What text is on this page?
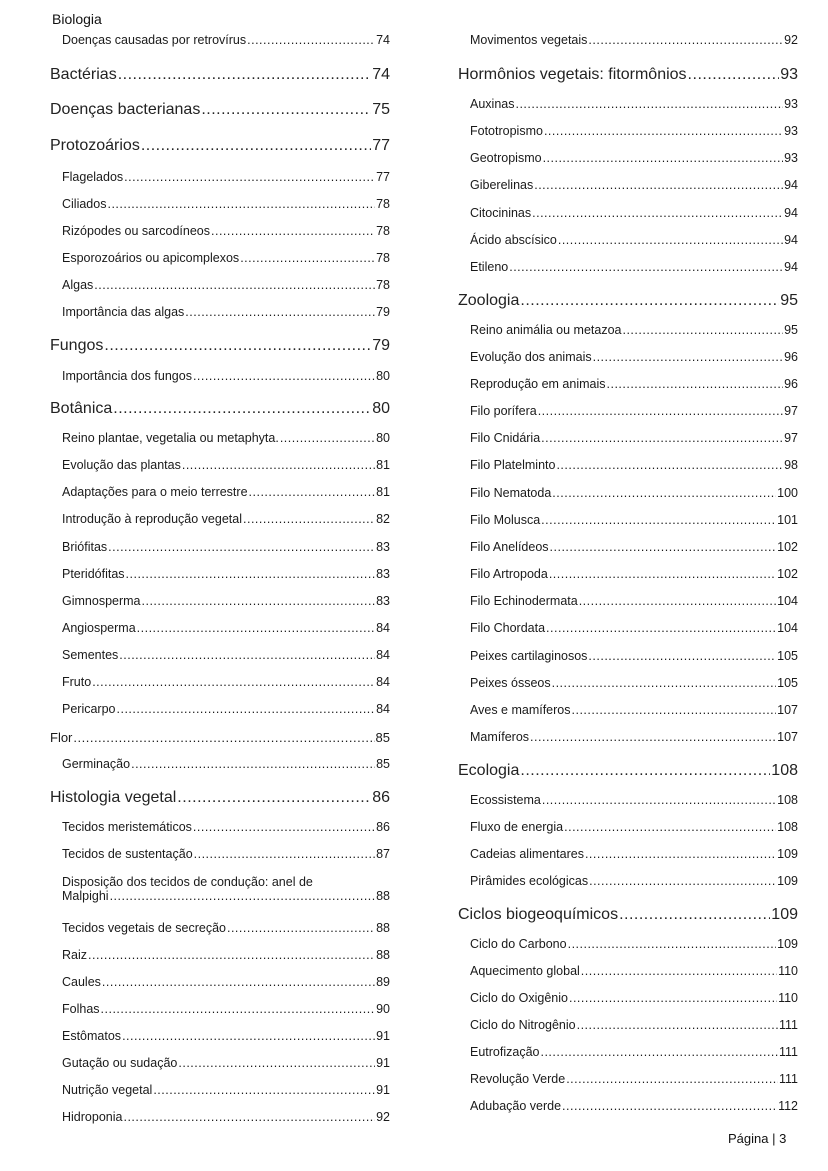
Biologia
Doenças causadas por retrovírus .....	74
Bactérias .....	74
Doenças bacterianas .....	75
Protozoários .....	77
Flagelados .....	77
Ciliados .....	78
Rizópodes ou sarcodíneos .....	78
Esporozoários ou apicomplexos .....	78
Algas .....	78
Importância das algas .....	79
Fungos .....	79
Importância dos fungos .....	80
Botânica .....	80
Reino plantae, vegetalia ou metaphyta. .....	80
Evolução das plantas .....	81
Adaptações para o meio terrestre .....	81
Introdução à reprodução vegetal .....	82
Briófitas .....	83
Pteridófitas .....	83
Gimnosperma .....	83
Angiosperma .....	84
Sementes .....	84
Fruto .....	84
Pericarpo .....	84
Flor .....	85
Germinação .....	85
Histologia vegetal .....	86
Tecidos meristemáticos .....	86
Tecidos de sustentação .....	87
Disposição dos tecidos de condução: anel de
Malpighi .....	88
Tecidos vegetais de secreção .....	88
Raiz .....	88
Caules .....	89
Folhas .....	90
Estômatos .....	91
Gutação ou sudação .....	91
Nutrição vegetal .....	91
Hidroponia .....	92
Movimentos vegetais .....	92
Hormônios vegetais: fitormônios .....	93
Auxinas .....	93
Fototropismo .....	93
Geotropismo .....	93
Giberelinas .....	94
Citocininas .....	94
Ácido abscísico .....	94
Etileno .....	94
Zoologia .....	95
Reino animália ou metazoa .....	95
Evolução dos animais .....	96
Reprodução em animais .....	96
Filo porífera .....	97
Filo Cnidária .....	97
Filo Platelminto .....	98
Filo Nematoda .....	100
Filo Molusca .....	101
Filo Anelídeos .....	102
Filo Artropoda .....	102
Filo Echinodermata .....	104
Filo Chordata .....	104
Peixes cartilaginosos .....	105
Peixes ósseos .....	105
Aves e mamíferos .....	107
Mamíferos .....	107
Ecologia .....	108
Ecossistema .....	108
Fluxo de energia .....	108
Cadeias alimentares .....	109
Pirâmides ecológicas .....	109
Ciclos biogeoquímicos .....	109
Ciclo do Carbono .....	109
Aquecimento global .....	110
Ciclo do Oxigênio .....	110
Ciclo do Nitrogênio .....	111
Eutrofização .....	111
Revolução Verde .....	111
Adubação verde .....	112
Página | 3
